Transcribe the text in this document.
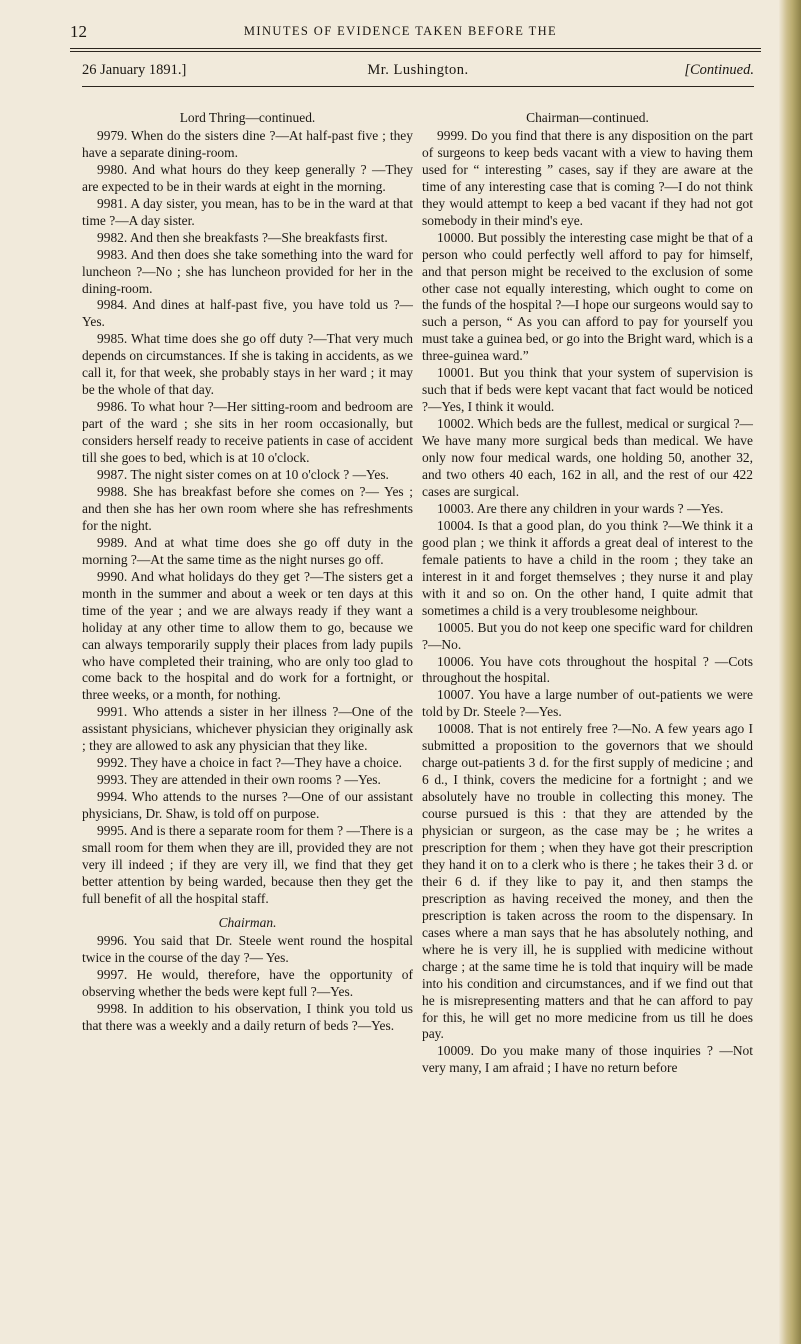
12	MINUTES OF EVIDENCE TAKEN BEFORE THE
Mr. Lushington.
26 January 1891.]	[Continued.
Lord Thring—continued.

9979. When do the sisters dine ?—At half-past five ; they have a separate dining-room.

9980. And what hours do they keep generally ? —They are expected to be in their wards at eight in the morning.

9981. A day sister, you mean, has to be in the ward at that time ?—A day sister.

9982. And then she breakfasts ?—She breakfasts first.

9983. And then does she take something into the ward for luncheon ?—No ; she has luncheon provided for her in the dining-room.

9984. And dines at half-past five, you have told us ?—Yes.

9985. What time does she go off duty ?—That very much depends on circumstances. If she is taking in accidents, as we call it, for that week, she probably stays in her ward ; it may be the whole of that day.

9986. To what hour ?—Her sitting-room and bedroom are part of the ward ; she sits in her room occasionally, but considers herself ready to receive patients in case of accident till she goes to bed, which is at 10 o'clock.

9987. The night sister comes on at 10 o'clock ? —Yes.

9988. She has breakfast before she comes on ?— Yes ; and then she has her own room where she has refreshments for the night.

9989. And at what time does she go off duty in the morning ?—At the same time as the night nurses go off.

9990. And what holidays do they get ?—The sisters get a month in the summer and about a week or ten days at this time of the year ; and we are always ready if they want a holiday at any other time to allow them to go, because we can always temporarily supply their places from lady pupils who have completed their training, who are only too glad to come back to the hospital and do work for a fortnight, or three weeks, or a month, for nothing.

9991. Who attends a sister in her illness ?—One of the assistant physicians, whichever physician they originally ask ; they are allowed to ask any physician that they like.

9992. They have a choice in fact ?—They have a choice.

9993. They are attended in their own rooms ? —Yes.

9994. Who attends to the nurses ?—One of our assistant physicians, Dr. Shaw, is told off on purpose.

9995. And is there a separate room for them ? —There is a small room for them when they are ill, provided they are not very ill indeed ; if they are very ill, we find that they get better attention by being warded, because then they get the full benefit of all the hospital staff.

Chairman.

9996. You said that Dr. Steele went round the hospital twice in the course of the day ?— Yes.

9997. He would, therefore, have the opportunity of observing whether the beds were kept full ?—Yes.

9998. In addition to his observation, I think you told us that there was a weekly and a daily return of beds ?—Yes.

Chairman—continued.

9999. Do you find that there is any disposition on the part of surgeons to keep beds vacant with a view to having them used for “ interesting ” cases, say if they are aware at the time of any interesting case that is coming ?—I do not think they would attempt to keep a bed vacant if they had not got somebody in their mind's eye.

10000. But possibly the interesting case might be that of a person who could perfectly well afford to pay for himself, and that person might be received to the exclusion of some other case not equally interesting, which ought to come on the funds of the hospital ?—I hope our surgeons would say to such a person, “ As you can afford to pay for yourself you must take a guinea bed, or go into the Bright ward, which is a three-guinea ward.”

10001. But you think that your system of supervision is such that if beds were kept vacant that fact would be noticed ?—Yes, I think it would.

10002. Which beds are the fullest, medical or surgical ?—We have many more surgical beds than medical. We have only now four medical wards, one holding 50, another 32, and two others 40 each, 162 in all, and the rest of our 422 cases are surgical.

10003. Are there any children in your wards ? —Yes.

10004. Is that a good plan, do you think ?—We think it a good plan ; we think it affords a great deal of interest to the female patients to have a child in the room ; they take an interest in it and forget themselves ; they nurse it and play with it and so on. On the other hand, I quite admit that sometimes a child is a very troublesome neighbour.

10005. But you do not keep one specific ward for children ?—No.

10006. You have cots throughout the hospital ? —Cots throughout the hospital.

10007. You have a large number of out-patients we were told by Dr. Steele ?—Yes.

10008. That is not entirely free ?—No. A few years ago I submitted a proposition to the governors that we should charge out-patients 3 d. for the first supply of medicine ; and 6 d., I think, covers the medicine for a fortnight ; and we absolutely have no trouble in collecting this money. The course pursued is this : that they are attended by the physician or surgeon, as the case may be ; he writes a prescription for them ; when they have got their prescription they hand it on to a clerk who is there ; he takes their 3 d. or their 6 d. if they like to pay it, and then stamps the prescription as having received the money, and then the prescription is taken across the room to the dispensary. In cases where a man says that he has absolutely nothing, and where he is very ill, he is supplied with medicine without charge ; at the same time he is told that inquiry will be made into his condition and circumstances, and if we find out that he is misrepresenting matters and that he can afford to pay for this, he will get no more medicine from us till he does pay.

10009. Do you make many of those inquiries ? —Not very many, I am afraid ; I have no return before
